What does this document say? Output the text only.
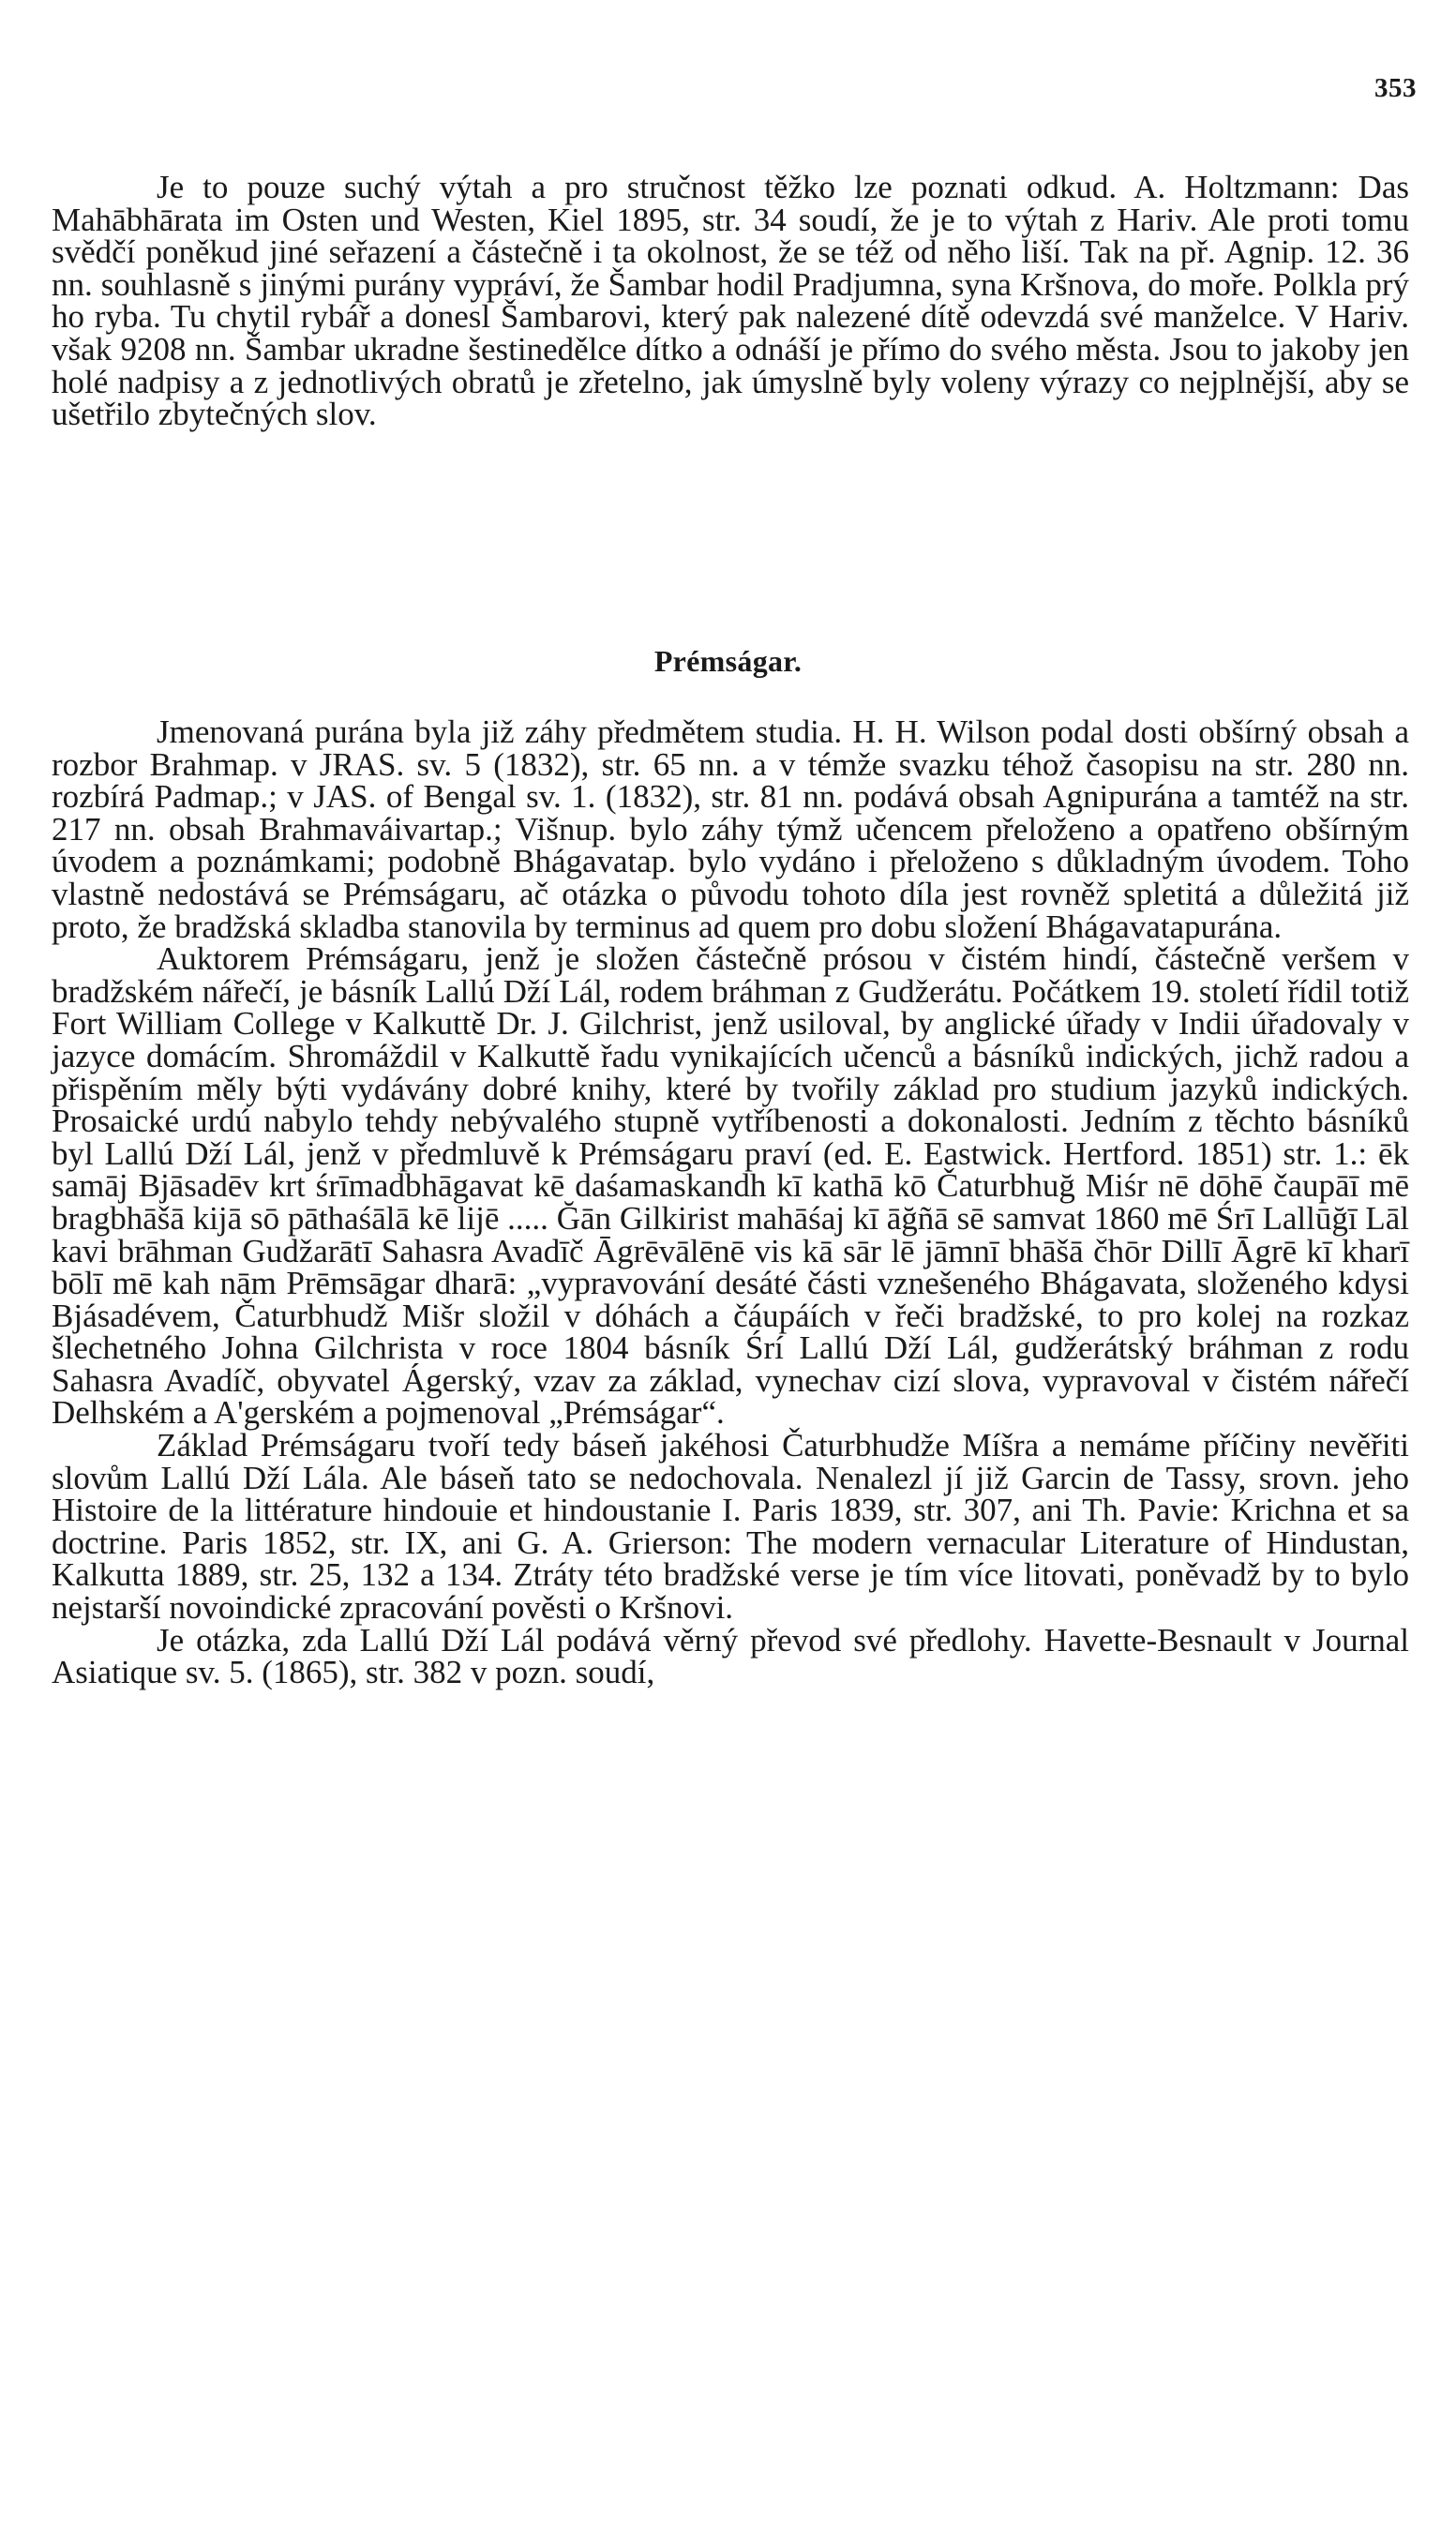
353

Je to pouze suchý výtah a pro stručnost těžko lze poznati odkud. A. Holtzmann: Das Mahābhārata im Osten und Westen, Kiel 1895, str. 34 soudí, že je to výtah z Hariv. Ale proti tomu svědčí poněkud jiné seřazení a částečně i ta okolnost, že se též od něho liší. Tak na př. Agnip. 12. 36 nn. souhlasně s jinými purány vypráví, že Šambar hodil Pradjumna, syna Kršnova, do moře. Polkla prý ho ryba. Tu chytil rybář a donesl Šambarovi, který pak nalezené dítě odevzdá své manželce. V Hariv. však 9208 nn. Šambar ukradne šestinedělce dítko a odnáší je přímo do svého města. Jsou to jakoby jen holé nadpisy a z jednotlivých obratů je zřetelno, jak úmyslně byly voleny výrazy co nejplnější, aby se ušetřilo zbytečných slov.

Prémságar.

Jmenovaná purána byla již záhy předmětem studia. H. H. Wilson podal dosti obšírný obsah a rozbor Brahmap. v JRAS. sv. 5 (1832), str. 65 nn. a v témže svazku téhož časopisu na str. 280 nn. rozbírá Padmap.; v JAS. of Bengal sv. 1. (1832), str. 81 nn. podává obsah Agnipurána a tamtéž na str. 217 nn. obsah Brahmaváivartap.; Višnup. bylo záhy týmž učencem přeloženo a opatřeno obšírným úvodem a poznámkami; podobně Bhágavatap. bylo vydáno i přeloženo s důkladným úvodem. Toho vlastně nedostává se Prémságaru, ač otázka o původu tohoto díla jest rovněž spletitá a důležitá již proto, že bradžská skladba stanovila by terminus ad quem pro dobu složení Bhágavatapurána.

Auktorem Prémságaru, jenž je složen částečně prósou v čistém hindí, částečně veršem v bradžském nářečí, je básník Lallú Dží Lál, rodem bráhman z Gudžerátu. Počátkem 19. století řídil totiž Fort William College v Kalkuttě Dr. J. Gilchrist, jenž usiloval, by anglické úřady v Indii úřadovaly v jazyce domácím. Shromáždil v Kalkuttě řadu vynikajících učenců a básníků indických, jichž radou a přispěním měly býti vydávány dobré knihy, které by tvořily základ pro studium jazyků indických. Prosaické urdú nabylo tehdy nebývalého stupně vytříbenosti a dokonalosti. Jedním z těchto básníků byl Lallú Dží Lál, jenž v předmluvě k Prémságaru praví (ed. E. Eastwick. Hertford. 1851) str. 1.: ēk samāj Bjāsadēv krt śrīmadbhāgavat kē daśamaskandh kī kathā kō Čaturbhuğ Miśr nē dōhē čaupāī mē bragbhāšā kijā sō pāthaśālā kē lijē ..... Ğān Gilkirist mahāśaj kī āğñā sē samvat 1860 mē Śrī Lallūğī Lāl kavi brāhman Gudžarātī Sahasra Avadīč Āgrēvālēnē vis kā sār lē jāmnī bhāšā čhōr Dillī Āgrē kī kharī bōlī mē kah nām Prēmsāgar dharā: „vypravování desáté části vznešeného Bhágavata, složeného kdysi Bjásadévem, Čaturbhudž Mišr složil v dóhách a čáupáích v řeči bradžské, to pro kolej na rozkaz šlechetného Johna Gilchrista v roce 1804 básník Śrí Lallú Dží Lál, gudžerátský bráhman z rodu Sahasra Avadíč, obyvatel Ágerský, vzav za základ, vynechav cizí slova, vypravoval v čistém nářečí Delhském a A'gerském a pojmenoval „Prémságar“.

Základ Prémságaru tvoří tedy báseň jakéhosi Čaturbhudže Míšra a nemáme příčiny nevěřiti slovům Lallú Dží Lála. Ale báseň tato se nedochovala. Nenalezl jí již Garcin de Tassy, srovn. jeho Histoire de la littérature hindouie et hindoustanie I. Paris 1839, str. 307, ani Th. Pavie: Krichna et sa doctrine. Paris 1852, str. IX, ani G. A. Grierson: The modern vernacular Literature of Hindustan, Kalkutta 1889, str. 25, 132 a 134. Ztráty této bradžské verse je tím více litovati, poněvadž by to bylo nejstarší novoindické zpracování pověsti o Kršnovi.

Je otázka, zda Lallú Dží Lál podává věrný převod své předlohy. Havette-Besnault v Journal Asiatique sv. 5. (1865), str. 382 v pozn. soudí,
